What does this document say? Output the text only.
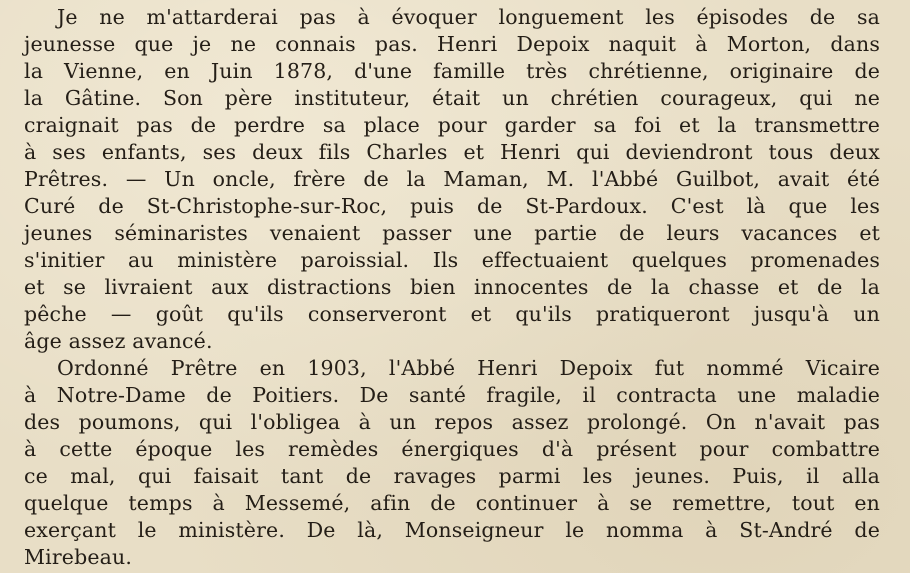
Je ne m'attarderai pas à évoquer longuement les épisodes de sa

jeunesse que je ne connais pas. Henri Depoix naquit à Morton, dans

la Vienne, en Juin 1878, d'une famille très chrétienne, originaire de

la Gâtine. Son père instituteur, était un chrétien courageux, qui ne

craignait pas de perdre sa place pour garder sa foi et la transmettre

à ses enfants, ses deux fils Charles et Henri qui deviendront tous deux

Prêtres. — Un oncle, frère de la Maman, M. l'Abbé Guilbot, avait été

Curé de St-Christophe-sur-Roc, puis de St-Pardoux. C'est là que les

jeunes séminaristes venaient passer une partie de leurs vacances et

s'initier au ministère paroissial. Ils effectuaient quelques promenades

et se livraient aux distractions bien innocentes de la chasse et de la

pêche — goût qu'ils conserveront et qu'ils pratiqueront jusqu'à un

âge assez avancé.

Ordonné Prêtre en 1903, l'Abbé Henri Depoix fut nommé Vicaire

à Notre-Dame de Poitiers. De santé fragile, il contracta une maladie

des poumons, qui l'obligea à un repos assez prolongé. On n'avait pas

à cette époque les remèdes énergiques d'à présent pour combattre

ce mal, qui faisait tant de ravages parmi les jeunes. Puis, il alla

quelque temps à Messemé, afin de continuer à se remettre, tout en

exerçant le ministère. De là, Monseigneur le nomma à St-André de

Mirebeau.
